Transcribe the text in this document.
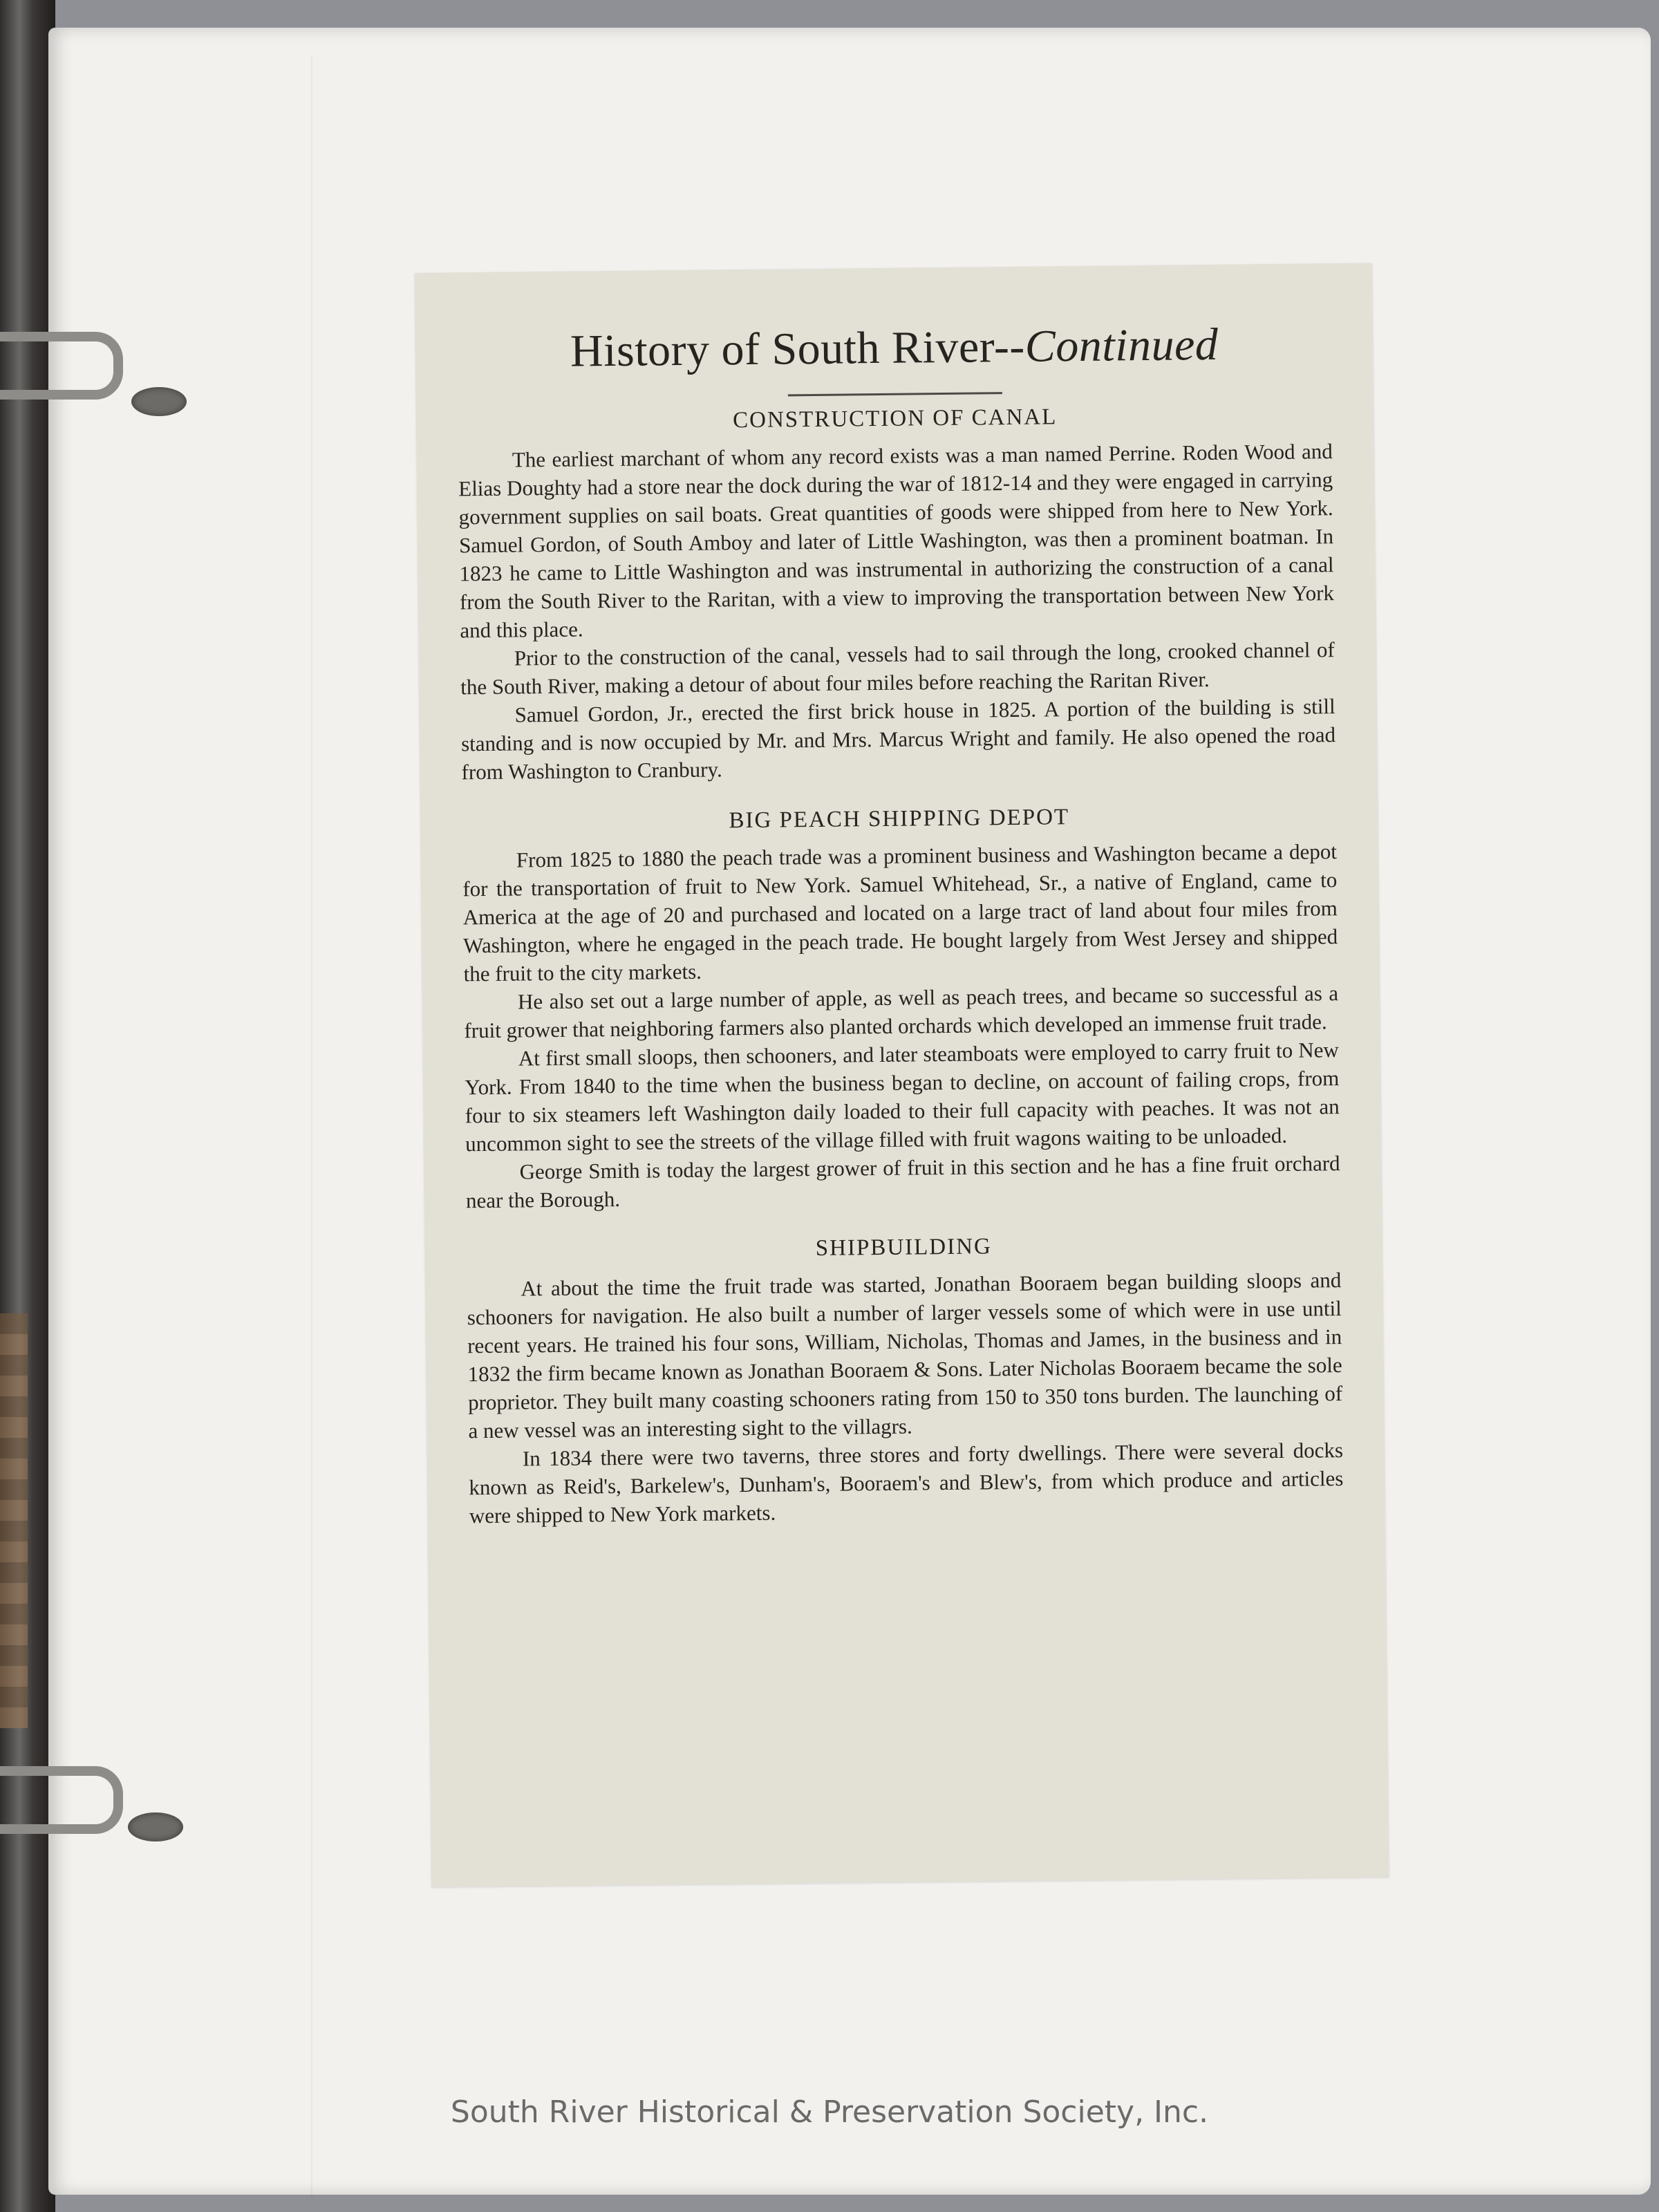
History of South River--Continued
CONSTRUCTION OF CANAL

The earliest marchant of whom any record exists was a man named Perrine. Roden Wood and Elias Doughty had a store near the dock during the war of 1812-14 and they were engaged in carrying government supplies on sail boats. Great quantities of goods were shipped from here to New York. Samuel Gordon, of South Amboy and later of Little Washington, was then a prominent boatman. In 1823 he came to Little Washington and was instrumental in authorizing the construction of a canal from the South River to the Raritan, with a view to improving the transportation between New York and this place.

Prior to the construction of the canal, vessels had to sail through the long, crooked channel of the South River, making a detour of about four miles before reaching the Raritan River.

Samuel Gordon, Jr., erected the first brick house in 1825. A portion of the building is still standing and is now occupied by Mr. and Mrs. Marcus Wright and family. He also opened the road from Washington to Cranbury.

BIG PEACH SHIPPING DEPOT

From 1825 to 1880 the peach trade was a prominent business and Washington became a depot for the transportation of fruit to New York. Samuel Whitehead, Sr., a native of England, came to America at the age of 20 and purchased and located on a large tract of land about four miles from Washington, where he engaged in the peach trade. He bought largely from West Jersey and shipped the fruit to the city markets.

He also set out a large number of apple, as well as peach trees, and became so successful as a fruit grower that neighboring farmers also planted orchards which developed an immense fruit trade.

At first small sloops, then schooners, and later steamboats were employed to carry fruit to New York. From 1840 to the time when the business began to decline, on account of failing crops, from four to six steamers left Washington daily loaded to their full capacity with peaches. It was not an uncommon sight to see the streets of the village filled with fruit wagons waiting to be unloaded.

George Smith is today the largest grower of fruit in this section and he has a fine fruit orchard near the Borough.

SHIPBUILDING

At about the time the fruit trade was started, Jonathan Booraem began building sloops and schooners for navigation. He also built a number of larger vessels some of which were in use until recent years. He trained his four sons, William, Nicholas, Thomas and James, in the business and in 1832 the firm became known as Jonathan Booraem & Sons. Later Nicholas Booraem became the sole proprietor. They built many coasting schooners rating from 150 to 350 tons burden. The launching of a new vessel was an interesting sight to the villagrs.

In 1834 there were two taverns, three stores and forty dwellings. There were several docks known as Reid's, Barkelew's, Dunham's, Booraem's and Blew's, from which produce and articles were shipped to New York markets.

South River Historical & Preservation Society, Inc.
